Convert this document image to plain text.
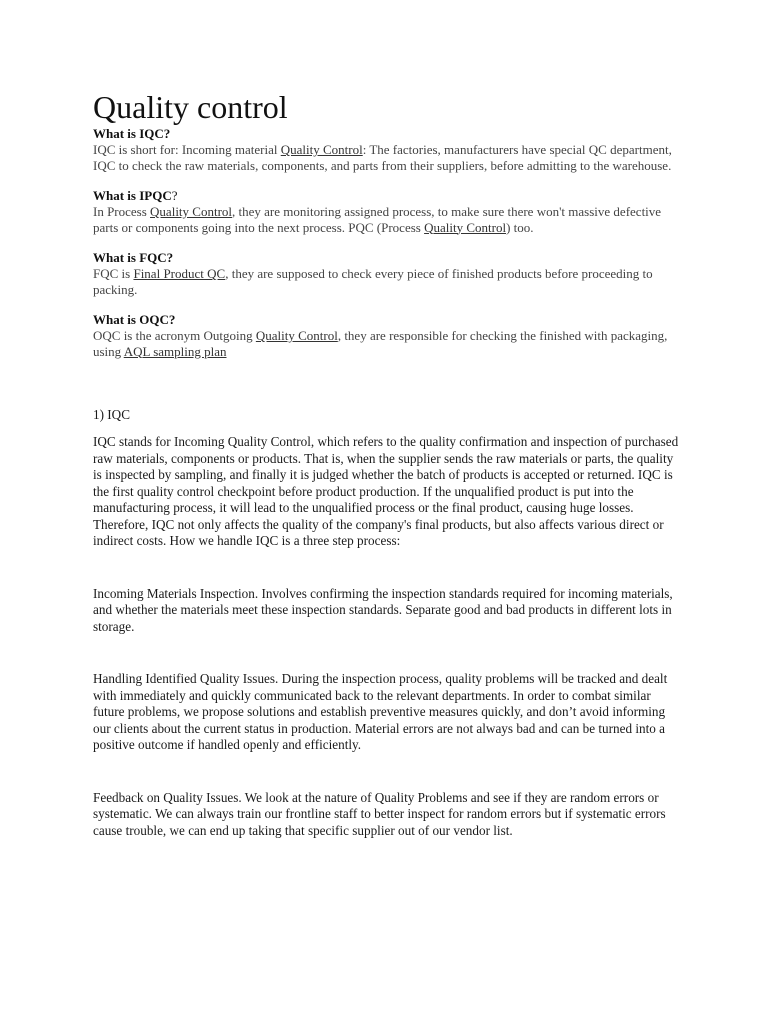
Quality control

What is IQC?

IQC is short for: Incoming material Quality Control: The factories, manufacturers have special QC department, IQC to check the raw materials, components, and parts from their suppliers, before admitting to the warehouse.

What is IPQC?

In Process Quality Control, they are monitoring assigned process, to make sure there won't massive defective parts or components going into the next process. PQC (Process Quality Control) too.

What is FQC?

FQC is Final Product QC, they are supposed to check every piece of finished products before proceeding to packing.

What is OQC?

OQC is the acronym Outgoing Quality Control, they are responsible for checking the finished with packaging, using AQL sampling plan

1) IQC

IQC stands for Incoming Quality Control, which refers to the quality confirmation and inspection of purchased raw materials, components or products. That is, when the supplier sends the raw materials or parts, the quality is inspected by sampling, and finally it is judged whether the batch of products is accepted or returned. IQC is the first quality control checkpoint before product production. If the unqualified product is put into the manufacturing process, it will lead to the unqualified process or the final product, causing huge losses. Therefore, IQC not only affects the quality of the company's final products, but also affects various direct or indirect costs. How we handle IQC is a three step process:

Incoming Materials Inspection. Involves confirming the inspection standards required for incoming materials, and whether the materials meet these inspection standards. Separate good and bad products in different lots in storage.

Handling Identified Quality Issues. During the inspection process, quality problems will be tracked and dealt with immediately and quickly communicated back to the relevant departments. In order to combat similar future problems, we propose solutions and establish preventive measures quickly, and don’t avoid informing our clients about the current status in production. Material errors are not always bad and can be turned into a positive outcome if handled openly and efficiently.

Feedback on Quality Issues. We look at the nature of Quality Problems and see if they are random errors or systematic. We can always train our frontline staff to better inspect for random errors but if systematic errors cause trouble, we can end up taking that specific supplier out of our vendor list.
